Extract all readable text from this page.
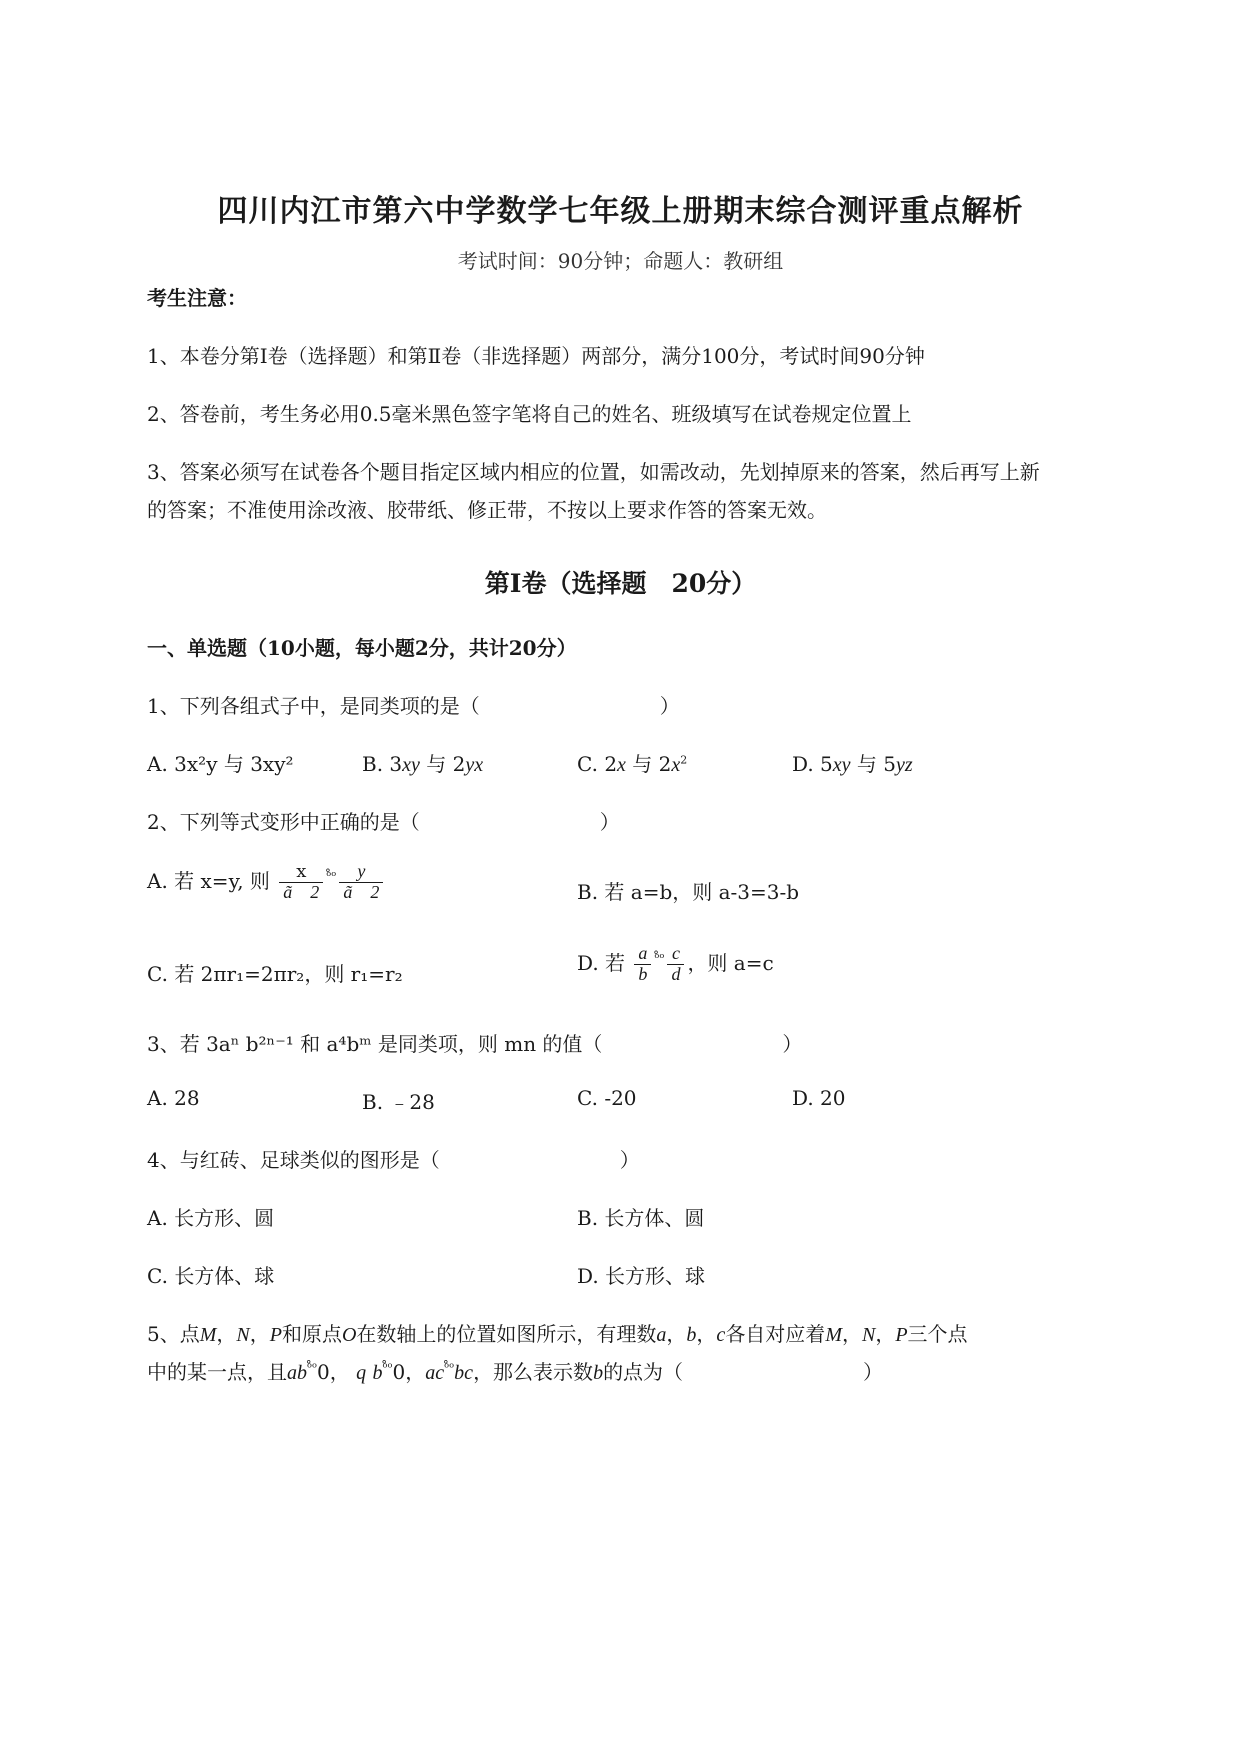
四川内江市第六中学数学七年级上册期末综合测评重点解析
考试时间：90分钟；命题人：教研组
考生注意：
1、本卷分第I卷（选择题）和第Ⅱ卷（非选择题）两部分，满分100分，考试时间90分钟
2、答卷前，考生务必用0.5毫米黑色签字笔将自己的姓名、班级填写在试卷规定位置上
3、答案必须写在试卷各个题目指定区域内相应的位置，如需改动，先划掉原来的答案，然后再写上新
的答案；不准使用涂改液、胶带纸、修正带，不按以上要求作答的答案无效。
第I卷（选择题　20分）
一、单选题（10小题，每小题2分，共计20分）
1、下列各组式子中，是同类项的是（　　　　　　　　　）
A. 3x²y 与 3xy²	B. 3xy 与 2yx	C. 2x 与 $2x^2$	D. 5xy 与 5yz
2、下列等式变形中正确的是（　　　　　　　　　）
A. 若 x=y, 则 $\frac{x}{ã 2} ^{ᵒ̊ᵒ} \frac{y}{ã 2}$	B. 若 a=b，则 a-3=3-b
C. 若 2πr₁=2πr₂，则 r₁=r₂	D. 若 $\frac{a}{b} ^{ᵒ̊ᵒ} \frac{c}{d}$ ，则 a=c
3、若 3aⁿ b²ⁿ⁻¹ 和 a⁴bᵐ 是同类项，则 mn 的值（　　　　　　　　　）
A. 28	B. ﹣28	C. -20	D. 20
4、与红砖、足球类似的图形是（　　　　　　　　　）
A. 长方形、圆	B. 长方体、圆
C. 长方体、球	D. 长方形、球
5、点M，N，P和原点O在数轴上的位置如图所示，有理数a，b，c各自对应着M，N，P三个点
中的某一点，且$ab^{ᵒ̊ᵒ}0$， q $b^{ᵒ̊ᵒ}0$，$ac^{ᵒ̊ᵒ}bc$，那么表示数b的点为（　　　　　　　　　）
